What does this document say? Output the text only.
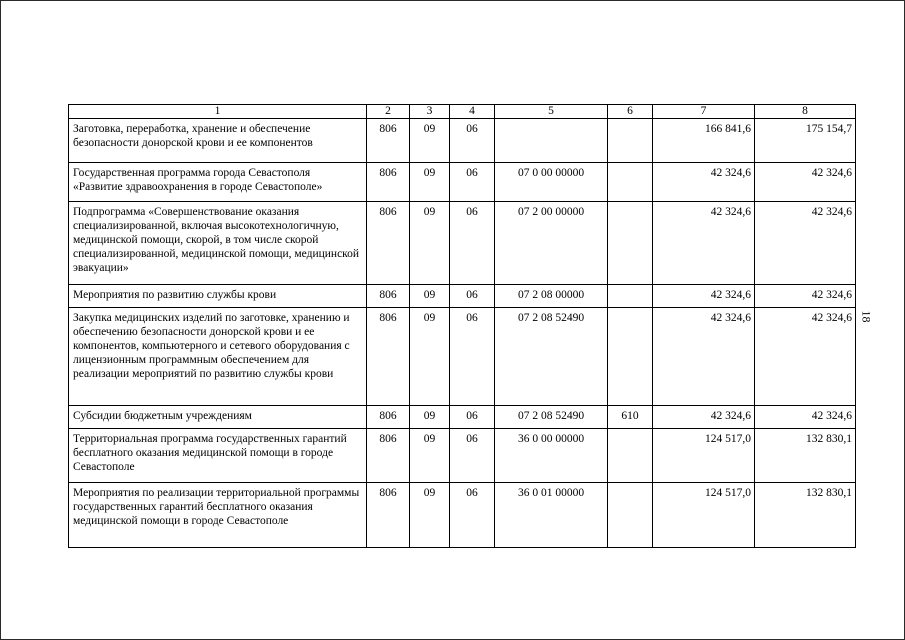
1	2	3	4	5	6	7	8
Заготовка, переработка, хранение и обеспечение безопасности донорской крови и ее компонентов	806	09	06			166 841,6	175 154,7
Государственная программа города Севастополя «Развитие здравоохранения в городе Севастополе»	806	09	06	07 0 00 00000		42 324,6	42 324,6
Подпрограмма «Совершенствование оказания специализированной, включая высокотехнологичную, медицинской помощи, скорой, в том числе скорой специализированной, медицинской помощи, медицинской эвакуации»	806	09	06	07 2 00 00000		42 324,6	42 324,6
Мероприятия по развитию службы крови	806	09	06	07 2 08 00000		42 324,6	42 324,6
Закупка медицинских изделий по заготовке, хранению и обеспечению безопасности донорской крови и ее компонентов, компьютерного и сетевого оборудования с лицензионным программным обеспечением для реализации мероприятий по развитию службы крови	806	09	06	07 2 08 52490		42 324,6	42 324,6
Субсидии бюджетным учреждениям	806	09	06	07 2 08 52490	610	42 324,6	42 324,6
Территориальная программа государственных гарантий бесплатного оказания медицинской помощи в городе Севастополе	806	09	06	36 0 00 00000		124 517,0	132 830,1
Мероприятия по реализации территориальной программы государственных гарантий бесплатного оказания медицинской помощи в городе Севастополе	806	09	06	36 0 01 00000		124 517,0	132 830,1
18
